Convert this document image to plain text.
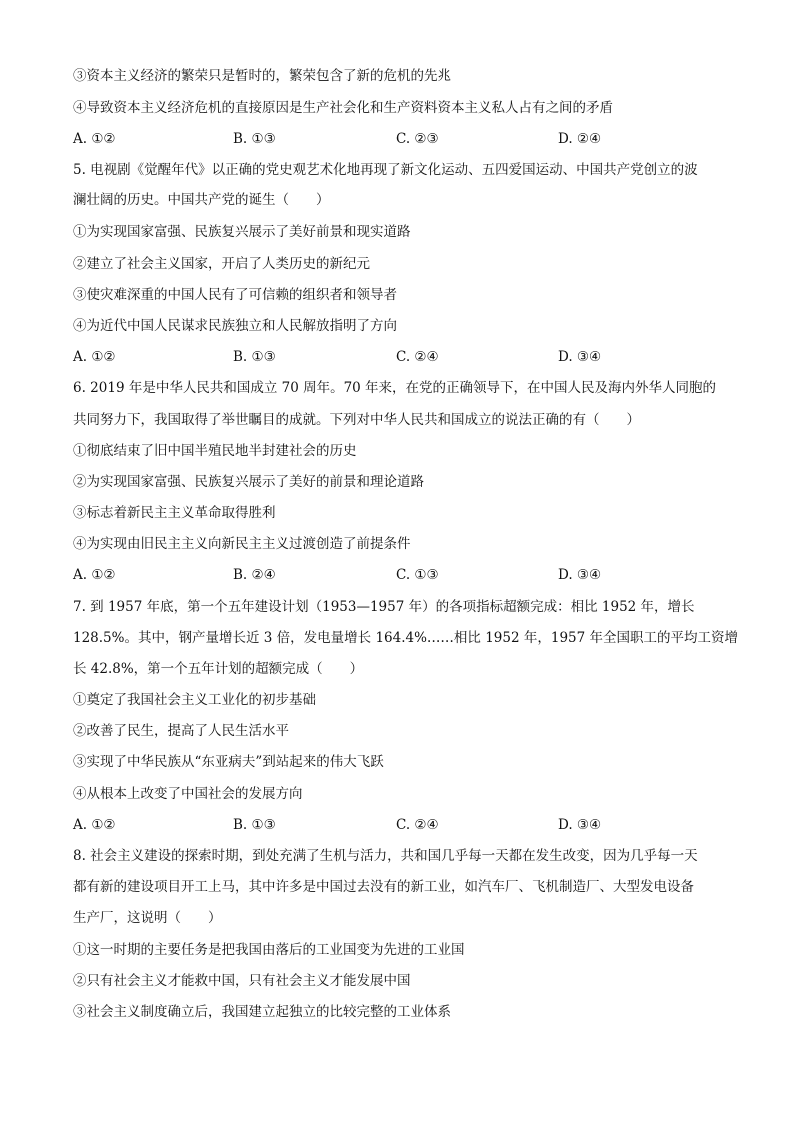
③资本主义经济的繁荣只是暂时的，繁荣包含了新的危机的先兆
④导致资本主义经济危机的直接原因是生产社会化和生产资料资本主义私人占有之间的矛盾
A. ①②	B. ①③	C. ②③	D. ②④
5. 电视剧《觉醒年代》以正确的党史观艺术化地再现了新文化运动、五四爱国运动、中国共产党创立的波
澜壮阔的历史。中国共产党的诞生（　　）
①为实现国家富强、民族复兴展示了美好前景和现实道路
②建立了社会主义国家，开启了人类历史的新纪元
③使灾难深重的中国人民有了可信赖的组织者和领导者
④为近代中国人民谋求民族独立和人民解放指明了方向
A. ①②	B. ①③	C. ②④	D. ③④
6. 2019 年是中华人民共和国成立 70 周年。70 年来，在党的正确领导下，在中国人民及海内外华人同胞的
共同努力下，我国取得了举世瞩目的成就。下列对中华人民共和国成立的说法正确的有（　　）
①彻底结束了旧中国半殖民地半封建社会的历史
②为实现国家富强、民族复兴展示了美好的前景和理论道路
③标志着新民主主义革命取得胜利
④为实现由旧民主主义向新民主主义过渡创造了前提条件
A. ①②	B. ②④	C. ①③	D. ③④
7. 到 1957 年底，第一个五年建设计划（1953—1957 年）的各项指标超额完成：相比 1952 年，增长
128.5%。其中，钢产量增长近 3 倍，发电量增长 164.4%……相比 1952 年，1957 年全国职工的平均工资增
长 42.8%，第一个五年计划的超额完成（　　）
①奠定了我国社会主义工业化的初步基础
②改善了民生，提高了人民生活水平
③实现了中华民族从“东亚病夫”到站起来的伟大飞跃
④从根本上改变了中国社会的发展方向
A. ①②	B. ①③	C. ②④	D. ③④
8. 社会主义建设的探索时期，到处充满了生机与活力，共和国几乎每一天都在发生改变，因为几乎每一天
都有新的建设项目开工上马，其中许多是中国过去没有的新工业，如汽车厂、飞机制造厂、大型发电设备
生产厂，这说明（　　）
①这一时期的主要任务是把我国由落后的工业国变为先进的工业国
②只有社会主义才能救中国，只有社会主义才能发展中国
③社会主义制度确立后，我国建立起独立的比较完整的工业体系
